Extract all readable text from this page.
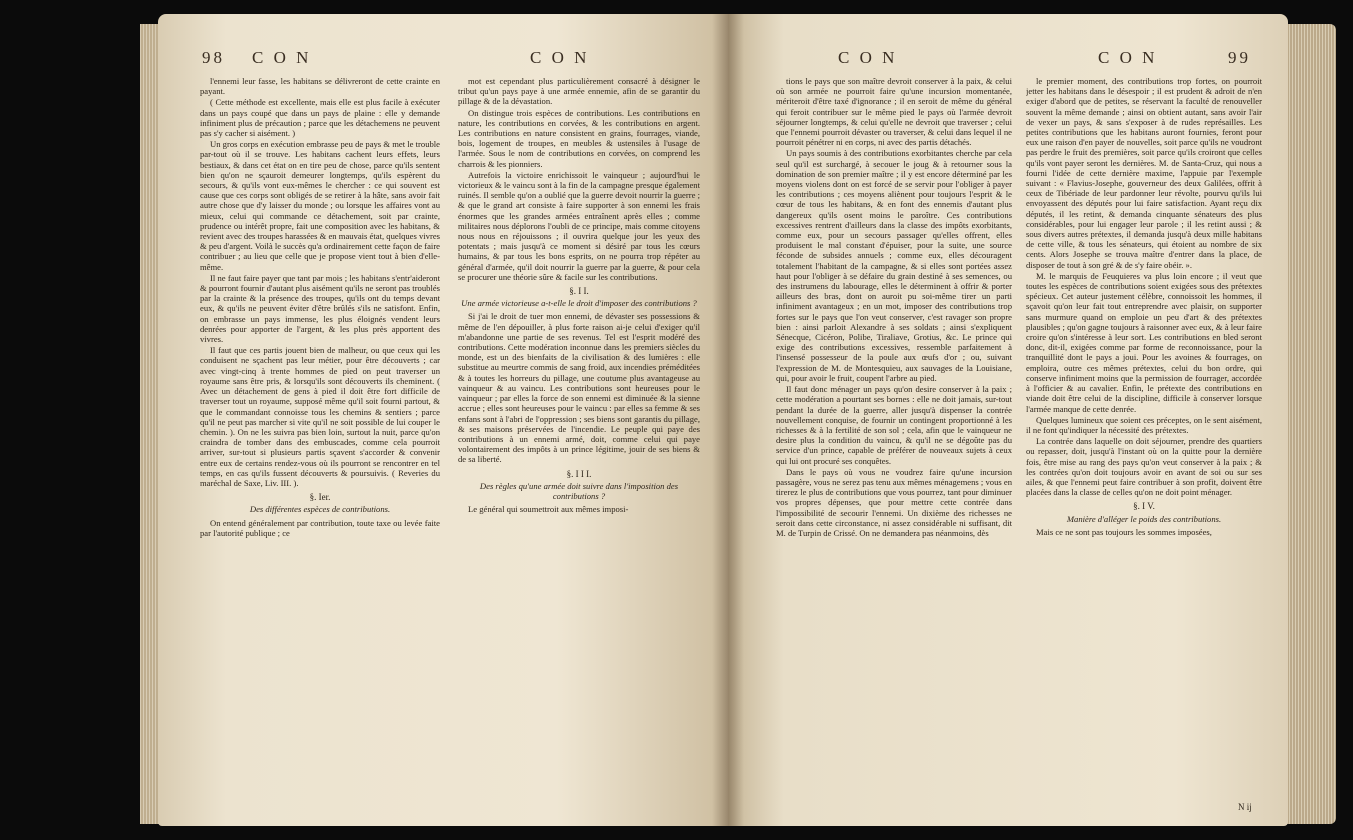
98 C O N	C O N

l'ennemi leur fasse, les habitans se délivreront de cette crainte en payant.

( Cette méthode est excellente, mais elle est plus facile à exécuter dans un pays coupé que dans un pays de plaine : elle y demande infiniment plus de précaution ; parce que les détachemens ne peuvent pas s'y cacher si aisément. )

Un gros corps en exécution embrasse peu de pays & met le trouble par-tout où il se trouve. Les habitans cachent leurs effets, leurs bestiaux, & dans cet état on en tire peu de chose, parce qu'ils sentent bien qu'on ne sçauroit demeurer longtemps, qu'ils espèrent du secours, & qu'ils vont eux-mêmes le chercher : ce qui souvent est cause que ces corps sont obligés de se retirer à la hâte, sans avoir fait autre chose que d'y laisser du monde ; ou lorsque les affaires vont au mieux, celui qui commande ce détachement, soit par crainte, prudence ou intérêt propre, fait une composition avec les habitans, & revient avec des troupes harassées & en mauvais état, quelques vivres & peu d'argent. Voilà le succès qu'a ordinairement cette façon de faire contribuer ; au lieu que celle que je propose vient tout à bien d'elle-même.

Il ne faut faire payer que tant par mois ; les habitans s'entr'aideront & pourront fournir d'autant plus aisément qu'ils ne seront pas troublés par la crainte & la présence des troupes, qu'ils ont du temps devant eux, & qu'ils ne peuvent éviter d'être brûlés s'ils ne satisfont. Enfin, on embrasse un pays immense, les plus éloignés vendent leurs denrées pour apporter de l'argent, & les plus près apportent des vivres.

Il faut que ces partis jouent bien de malheur, ou que ceux qui les conduisent ne sçachent pas leur métier, pour être découverts ; car avec vingt-cinq à trente hommes de pied on peut traverser un royaume sans être pris, & lorsqu'ils sont découverts ils cheminent. ( Avec un détachement de gens à pied il doit être fort difficile de traverser tout un royaume, supposé même qu'il soit fourni partout, & que le commandant connoisse tous les chemins & sentiers ; parce qu'il ne peut pas marcher si vite qu'il ne soit possible de lui couper le chemin. ). On ne les suivra pas bien loin, surtout la nuit, parce qu'on craindra de tomber dans des embuscades, comme cela pourroit arriver, sur-tout si plusieurs partis sçavent s'accorder & convenir entre eux de certains rendez-vous où ils pourront se rencontrer en tel temps, en cas qu'ils fussent découverts & poursuivis. ( Reveries du maréchal de Saxe, Liv. III. ).

§. Ier.
Des différentes espèces de contributions.

On entend généralement par contribution, toute taxe ou levée faite par l'autorité publique ; ce

mot est cependant plus particulièrement consacré à désigner le tribut qu'un pays paye à une armée ennemie, afin de se garantir du pillage & de la dévastation.

On distingue trois espèces de contributions. Les contributions en nature, les contributions en corvées, & les contributions en argent. Les contributions en nature consistent en grains, fourrages, viande, bois, logement de troupes, en meubles & ustensiles à l'usage de l'armée. Sous le nom de contributions en corvées, on comprend les charrois & les pionniers.

Autrefois la victoire enrichissoit le vainqueur ; aujourd'hui le victorieux & le vaincu sont à la fin de la campagne presque également ruinés. Il semble qu'on a oublié que la guerre devoit nourrir la guerre ; & que le grand art consiste à faire supporter à son ennemi les frais énormes que les grandes armées entraînent après elles ; comme militaires nous déplorons l'oubli de ce principe, mais comme citoyens nous nous en réjouissons ; il ouvrira quelque jour les yeux des potentats ; mais jusqu'à ce moment si désiré par tous les cœurs humains, & par tous les bons esprits, on ne pourra trop répéter au général d'armée, qu'il doit nourrir la guerre par la guerre, & pour cela se procurer une théorie sûre & facile sur les contributions.

§. I I.
Une armée victorieuse a-t-elle le droit d'imposer des contributions ?

Si j'ai le droit de tuer mon ennemi, de dévaster ses possessions & même de l'en dépouiller, à plus forte raison ai-je celui d'exiger qu'il m'abandonne une partie de ses revenus. Tel est l'esprit modéré des contributions. Cette modération inconnue dans les premiers siècles du monde, est un des bienfaits de la civilisation & des lumières : elle substitue au meurtre commis de sang froid, aux incendies préméditées & à toutes les horreurs du pillage, une coutume plus avantageuse au vainqueur & au vaincu. Les contributions sont heureuses pour le vainqueur ; par elles la force de son ennemi est diminuée & la sienne accrue ; elles sont heureuses pour le vaincu : par elles sa femme & ses enfans sont à l'abri de l'oppression ; ses biens sont garantis du pillage, & ses maisons préservées de l'incendie. Le peuple qui paye des contributions à un ennemi armé, doit, comme celui qui paye volontairement des impôts à un prince légitime, jouir de ses biens & de sa liberté.

§. I I I.
Des règles qu'une armée doit suivre dans l'imposition des contributions ?

Le général qui soumettroit aux mêmes imposi-

C O N	C O N	99

tions le pays que son maître devroit conserver à la paix, & celui où son armée ne pourroit faire qu'une incursion momentanée, mériteroit d'être taxé d'ignorance ; il en seroit de même du général qui feroit contribuer sur le même pied le pays où l'armée devroit séjourner longtemps, & celui qu'elle ne devroit que traverser ; celui que l'ennemi pourroit dévaster ou traverser, & celui dans lequel il ne pourroit pénétrer ni en corps, ni avec des partis détachés.

Un pays soumis à des contributions exorbitantes cherche par cela seul qu'il est surchargé, à secouer le joug & à retourner sous la domination de son premier maître ; il y est encore déterminé par les moyens violens dont on est forcé de se servir pour l'obliger à payer les contributions ; ces moyens aliènent pour toujours l'esprit & le cœur de tous les habitans, & en font des ennemis d'autant plus dangereux qu'ils osent moins le paroître. Ces contributions excessives rentrent d'ailleurs dans la classe des impôts exorbitants, comme eux, pour un secours passager qu'elles offrent, elles produisent le mal constant d'épuiser, pour la suite, une source féconde de subsides annuels ; comme eux, elles découragent totalement l'habitant de la campagne, & si elles sont portées assez haut pour l'obliger à se défaire du grain destiné à ses semences, ou des instrumens du labourage, elles le déterminent à offrir & porter ailleurs des bras, dont on auroit pu soi-même tirer un parti infiniment avantageux ; en un mot, imposer des contributions trop fortes sur le pays que l'on veut conserver, c'est ravager son propre bien : ainsi parloit Alexandre à ses soldats ; ainsi s'expliquent Sénecque, Cicéron, Polibe, Tiraliave, Grotius, &c. Le prince qui exige des contributions excessives, ressemble parfaitement à l'insensé possesseur de la poule aux œufs d'or ; ou, suivant l'expression de M. de Montesquieu, aux sauvages de la Louisiane, qui, pour avoir le fruit, coupent l'arbre au pied.

Il faut donc ménager un pays qu'on desire conserver à la paix ; cette modération a pourtant ses bornes : elle ne doit jamais, sur-tout pendant la durée de la guerre, aller jusqu'à dispenser la contrée nouvellement conquise, de fournir un contingent proportionné à les richesses & à la fertilité de son sol ; cela, afin que le vainqueur ne desire plus la condition du vaincu, & qu'il ne se dégoûte pas du service d'un prince, capable de préférer de nouveaux sujets à ceux qui lui ont procuré ses conquêtes.

Dans le pays où vous ne voudrez faire qu'une incursion passagère, vous ne serez pas tenu aux mêmes ménagemens ; vous en tirerez le plus de contributions que vous pourrez, tant pour diminuer vos propres dépenses, que pour mettre cette contrée dans l'impossibilité de secourir l'ennemi. Un dixième des richesses ne seroit dans cette circonstance, ni assez considérable ni suffisant, dit M. de Turpin de Crissé. On ne demandera pas néanmoins, dès

le premier moment, des contributions trop fortes, on pourroit jetter les habitans dans le désespoir ; il est prudent & adroit de n'en exiger d'abord que de petites, se réservant la faculté de renouveller souvent la même demande ; ainsi on obtient autant, sans avoir l'air de vexer un pays, & sans s'exposer à de rudes représailles. Les petites contributions que les habitans auront fournies, feront pour eux une raison d'en payer de nouvelles, soit parce qu'ils ne voudront pas perdre le fruit des premières, soit parce qu'ils croiront que celles qu'ils vont payer seront les dernières. M. de Santa-Cruz, qui nous a fourni l'idée de cette dernière maxime, l'appuie par l'exemple suivant : « Flavius-Josephe, gouverneur des deux Galilées, offrit à ceux de Tibériade de leur pardonner leur révolte, pourvu qu'ils lui envoyassent des députés pour lui faire satisfaction. Ayant reçu dix députés, il les retint, & demanda cinquante sénateurs des plus considérables, pour lui engager leur parole ; il les retint aussi ; & sous divers autres prétextes, il demanda jusqu'à deux mille habitans de cette ville, & tous les sénateurs, qui étoient au nombre de six cents. Alors Josephe se trouva maître d'entrer dans la place, de disposer de tout à son gré & de s'y faire obéir. ».

M. le marquis de Feuquieres va plus loin encore ; il veut que toutes les espèces de contributions soient exigées sous des prétextes spécieux. Cet auteur justement célèbre, connoissoit les hommes, il sçavoit qu'on leur fait tout entreprendre avec plaisir, on supporter sans murmure quand on emploie un peu d'art & des prétextes plausibles ; qu'on gagne toujours à raisonner avec eux, & à leur faire croire qu'on s'intéresse à leur sort. Les contributions en bled seront donc, dit-il, exigées comme par forme de reconnoissance, pour la tranquillité dont le pays a joui. Pour les avoines & fourrages, on emploira, outre ces mêmes prétextes, celui du bon ordre, qui conserve infiniment moins que la permission de fourrager, accordée à l'officier & au cavalier. Enfin, le prétexte des contributions en viande doit être celui de la discipline, difficile à conserver lorsque l'armée manque de cette denrée.

Quelques lumineux que soient ces préceptes, on le sent aisément, il ne font qu'indiquer la nécessité des prétextes.

La contrée dans laquelle on doit séjourner, prendre des quartiers ou repasser, doit, jusqu'à l'instant où on la quitte pour la dernière fois, être mise au rang des pays qu'on veut conserver à la paix ; & les contrées qu'on doit toujours avoir en avant de soi ou sur ses ailes, & que l'ennemi peut faire contribuer à son profit, doivent être placées dans la classe de celles qu'on ne doit point ménager.

§. I V.
Manière d'alléger le poids des contributions.

Mais ce ne sont pas toujours les sommes imposées,

N ij
